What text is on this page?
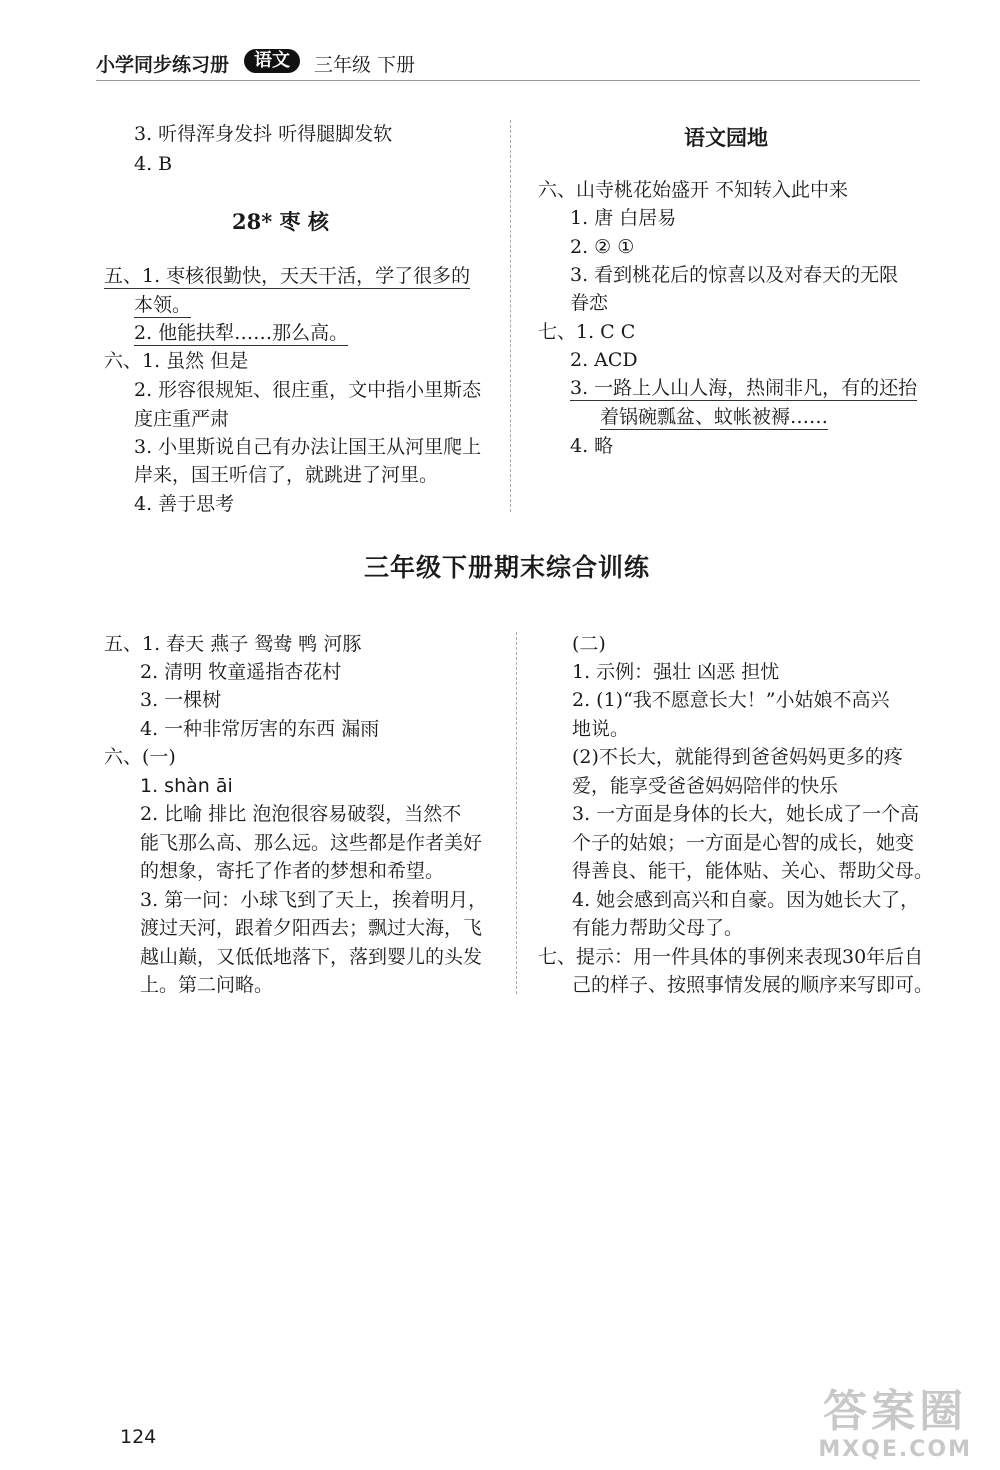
小学同步练习册	语文	三年级 下册
3. 听得浑身发抖 听得腿脚发软
4. B
28* 枣 核
五、1. 枣核很勤快，天天干活，学了很多的
本领。
2. 他能扶犁……那么高。
六、1. 虽然 但是
2. 形容很规矩、很庄重，文中指小里斯态
度庄重严肃
3. 小里斯说自己有办法让国王从河里爬上
岸来，国王听信了，就跳进了河里。
4. 善于思考
语文园地
六、山寺桃花始盛开 不知转入此中来
1. 唐 白居易
2. ② ①
3. 看到桃花后的惊喜以及对春天的无限
眷恋
七、1. C C
2. ACD
3. 一路上人山人海，热闹非凡，有的还抬
着锅碗瓢盆、蚊帐被褥……
4. 略
三年级下册期末综合训练
五、1. 春天 燕子 鸳鸯 鸭 河豚
2. 清明 牧童遥指杏花村
3. 一棵树
4. 一种非常厉害的东西 漏雨
六、(一)
1. shàn āi
2. 比喻 排比 泡泡很容易破裂，当然不
能飞那么高、那么远。这些都是作者美好
的想象，寄托了作者的梦想和希望。
3. 第一问：小球飞到了天上，挨着明月，
渡过天河，跟着夕阳西去；飘过大海，飞
越山巅，又低低地落下，落到婴儿的头发
上。第二问略。
(二)
1. 示例：强壮 凶恶 担忧
2. (1)“我不愿意长大！”小姑娘不高兴
地说。
(2)不长大，就能得到爸爸妈妈更多的疼
爱，能享受爸爸妈妈陪伴的快乐
3. 一方面是身体的长大，她长成了一个高
个子的姑娘；一方面是心智的成长，她变
得善良、能干，能体贴、关心、帮助父母。
4. 她会感到高兴和自豪。因为她长大了，
有能力帮助父母了。
七、提示：用一件具体的事例来表现30年后自
己的样子、按照事情发展的顺序来写即可。
124	答案圈
MXQE.COM
